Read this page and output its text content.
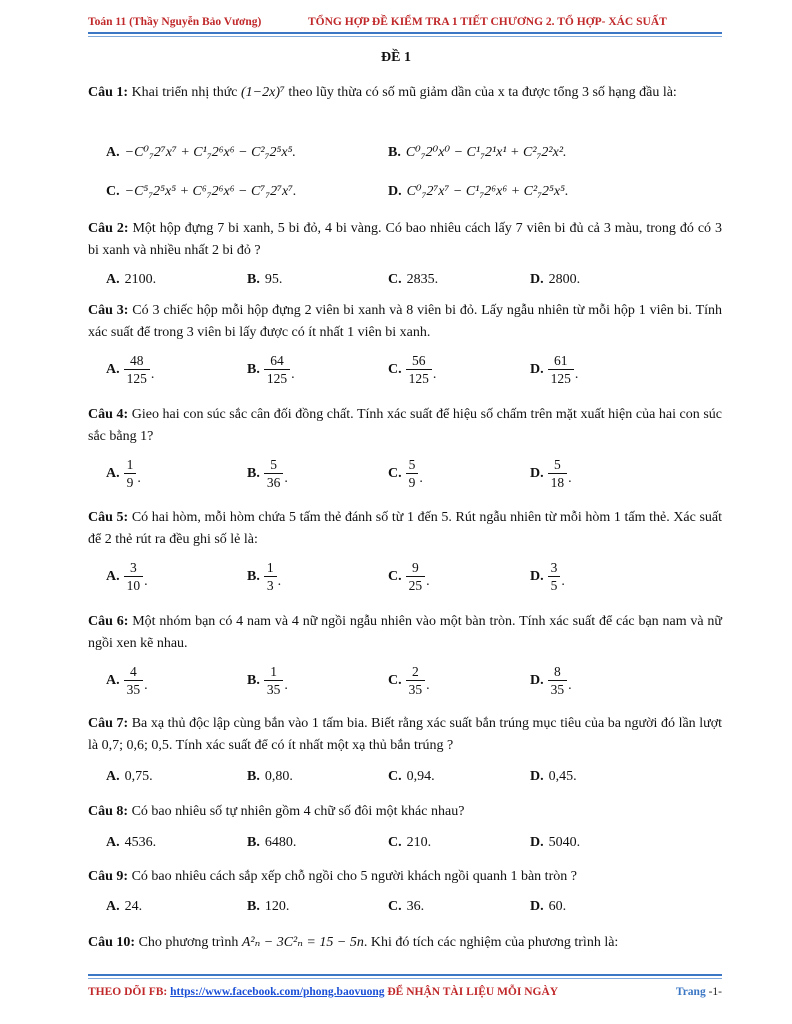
Toán 11 (Thầy Nguyễn Bảo Vương)	TỔNG HỢP ĐỀ KIỂM TRA 1 TIẾT CHƯƠNG 2. TỔ HỢP- XÁC SUẤT
ĐỀ 1
Câu 1: Khai triển nhị thức (1−2x)⁷ theo lũy thừa có số mũ giảm dần của x ta được tổng 3 số hạng đầu là:
A. −C⁰₇2⁷x⁷ + C¹₇2⁶x⁶ − C²₇2⁵x⁵.	B. C⁰₇2⁰x⁰ − C¹₇2¹x¹ + C²₇2²x².
C. −C⁵₇2⁵x⁵ + C⁶₇2⁶x⁶ − C⁷₇2⁷x⁷.	D. C⁰₇2⁷x⁷ − C¹₇2⁶x⁶ + C²₇2⁵x⁵.
Câu 2: Một hộp đựng 7 bi xanh, 5 bi đỏ, 4 bi vàng. Có bao nhiêu cách lấy 7 viên bi đủ cả 3 màu, trong đó có 3 bi xanh và nhiều nhất 2 bi đỏ ?
A. 2100.	B. 95.	C. 2835.	D. 2800.
Câu 3: Có 3 chiếc hộp mỗi hộp đựng 2 viên bi xanh và 8 viên bi đỏ. Lấy ngẫu nhiên từ mỗi hộp 1 viên bi. Tính xác suất để trong 3 viên bi lấy được có ít nhất 1 viên bi xanh.
A. $\frac{48}{125}$ .	B. $\frac{64}{125}$ .	C. $\frac{56}{125}$ .	D. $\frac{61}{125}$ .
Câu 4: Gieo hai con súc sắc cân đối đồng chất. Tính xác suất để hiệu số chấm trên mặt xuất hiện của hai con súc sắc bằng 1?
A. $\frac{1}{9}$ .	B. $\frac{5}{36}$ .	C. $\frac{5}{9}$ .	D. $\frac{5}{18}$ .
Câu 5: Có hai hòm, mỗi hòm chứa 5 tấm thẻ đánh số từ 1 đến 5. Rút ngẫu nhiên từ mỗi hòm 1 tấm thẻ. Xác suất để 2 thẻ rút ra đều ghi số lẻ là:
A. $\frac{3}{10}$ .	B. $\frac{1}{3}$ .	C. $\frac{9}{25}$ .	D. $\frac{3}{5}$ .
Câu 6: Một nhóm bạn có 4 nam và 4 nữ ngồi ngẫu nhiên vào một bàn tròn. Tính xác suất để các bạn nam và nữ ngồi xen kẽ nhau.
A. $\frac{4}{35}$ .	B. $\frac{1}{35}$ .	C. $\frac{2}{35}$ .	D. $\frac{8}{35}$ .
Câu 7: Ba xạ thủ độc lập cùng bắn vào 1 tấm bia. Biết rằng xác suất bắn trúng mục tiêu của ba người đó lần lượt là 0,7; 0,6; 0,5. Tính xác suất để có ít nhất một xạ thủ bắn trúng ?
A. 0,75.	B. 0,80.	C. 0,94.	D. 0,45.
Câu 8: Có bao nhiêu số tự nhiên gồm 4 chữ số đôi một khác nhau?
A. 4536.	B. 6480.	C. 210.	D. 5040.
Câu 9: Có bao nhiêu cách sắp xếp chỗ ngồi cho 5 người khách ngồi quanh 1 bàn tròn ?
A. 24.	B. 120.	C. 36.	D. 60.
Câu 10: Cho phương trình A²ₙ − 3C²ₙ = 15 − 5n. Khi đó tích các nghiệm của phương trình là:
THEO DÕI FB: https://www.facebook.com/phong.baovuong ĐỂ NHẬN TÀI LIỆU MỖI NGÀY	Trang -1-
